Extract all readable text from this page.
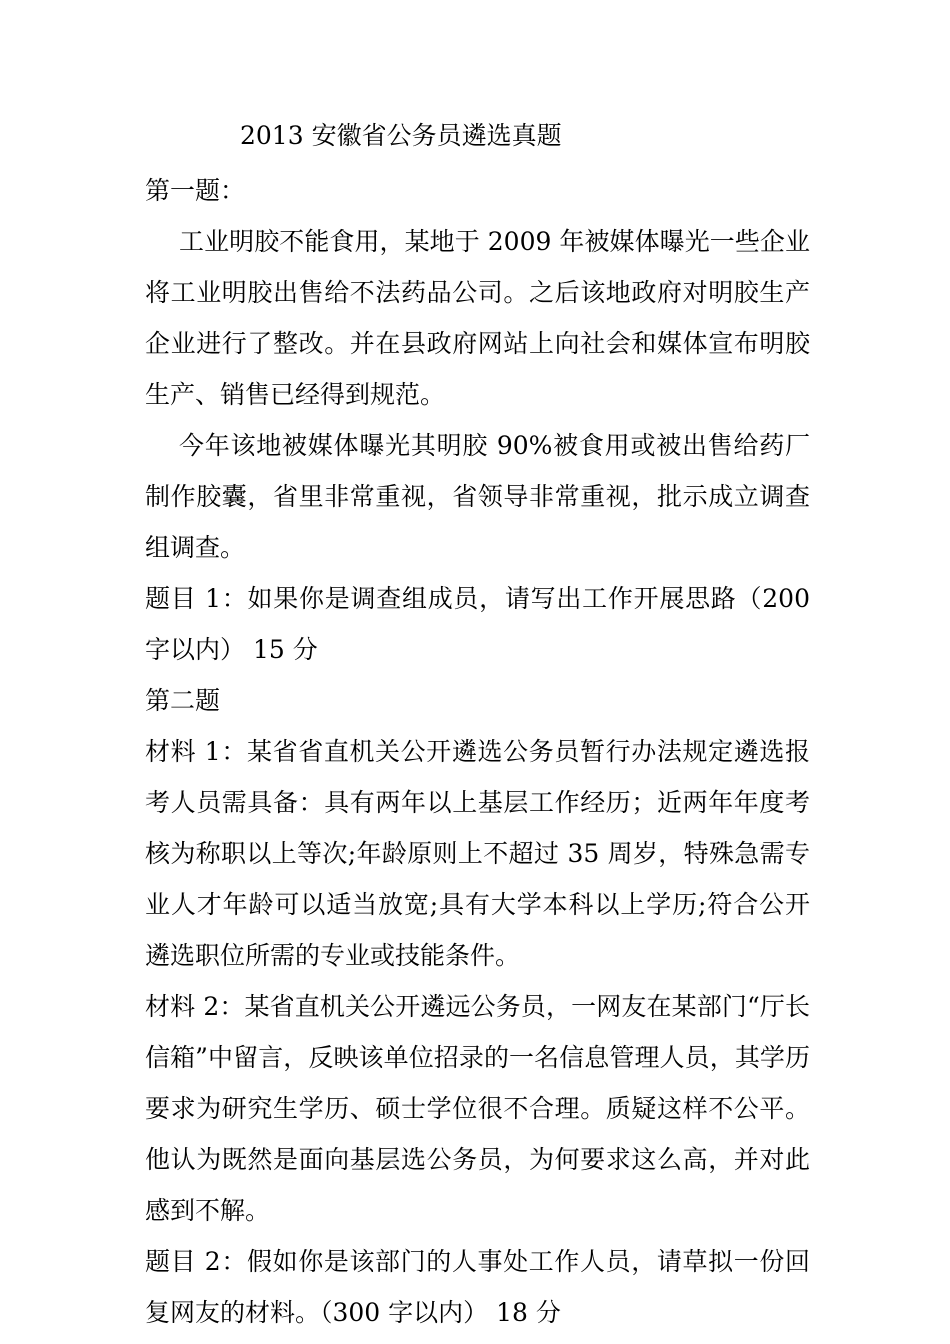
2013 安徽省公务员遴选真题

第一题：

工业明胶不能食用，某地于 2009 年被媒体曝光一些企业将工业明胶出售给不法药品公司。之后该地政府对明胶生产企业进行了整改。并在县政府网站上向社会和媒体宣布明胶生产、销售已经得到规范。

今年该地被媒体曝光其明胶 90%被食用或被出售给药厂制作胶囊，省里非常重视，省领导非常重视，批示成立调查组调查。

题目 1：如果你是调查组成员，请写出工作开展思路（200 字以内） 15 分

第二题

材料 1：某省省直机关公开遴选公务员暂行办法规定遴选报考人员需具备：具有两年以上基层工作经历；近两年年度考核为称职以上等次;年龄原则上不超过 35 周岁，特殊急需专业人才年龄可以适当放宽;具有大学本科以上学历;符合公开遴选职位所需的专业或技能条件。

材料 2：某省直机关公开遴远公务员，一网友在某部门“厅长信箱”中留言，反映该单位招录的一名信息管理人员，其学历要求为研究生学历、硕士学位很不合理。质疑这样不公平。他认为既然是面向基层选公务员，为何要求这么高，并对此感到不解。

题目 2：假如你是该部门的人事处工作人员，请草拟一份回复网友的材料。（300 字以内） 18 分
